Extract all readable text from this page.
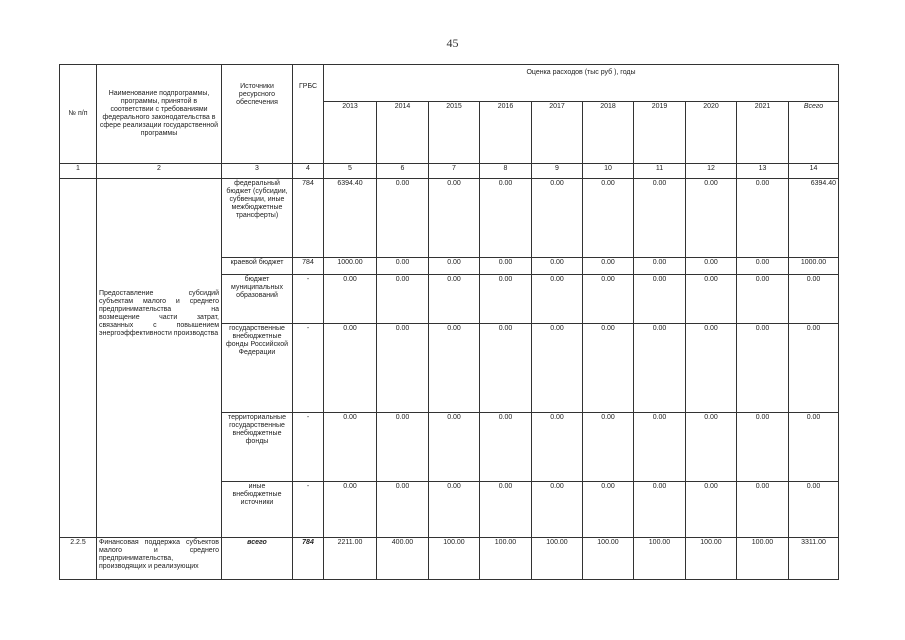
45
№ п/п	Наименование подпрограммы, программы, принятой в соответствии с требованиями федерального законодательства в сфере реализации государственной программы	Источники ресурсного обеспечения	ГРБС	Оценка расходов (тыс руб ), годы									
				2013	2014	2015	2016	2017	2018	2019	2020	2021	Всего
1	2	3	4	5	6	7	8	9	10	11	12	13	14
	Предоставление субсидий субъектам малого и среднего предпринимательства на возмещение части затрат, связанных с повышением энергоэффективности производства	федеральный бюджет (субсидии, субвенции, иные межбюджетные трансферты)	784	6394.40	0.00	0.00	0.00	0.00	0.00	0.00	0.00	0.00	6394.40
		краевой бюджет	784	1000.00	0.00	0.00	0.00	0.00	0.00	0.00	0.00	0.00	1000.00
		бюджет муниципальных образований	-	0.00	0.00	0.00	0.00	0.00	0.00	0.00	0.00	0.00	0.00
		государственные внебюджетные фонды Российской Федерации	-	0.00	0.00	0.00	0.00	0.00	0.00	0.00	0.00	0.00	0.00
		территориальные государственные внебюджетные фонды	-	0.00	0.00	0.00	0.00	0.00	0.00	0.00	0.00	0.00	0.00
		иные внебюджетные источники	-	0.00	0.00	0.00	0.00	0.00	0.00	0.00	0.00	0.00	0.00
2.2.5	Финансовая поддержка субъектов малого и среднего предпринимательства, производящих и реализующих	всего	784	2211.00	400.00	100.00	100.00	100.00	100.00	100.00	100.00	100.00	3311.00
